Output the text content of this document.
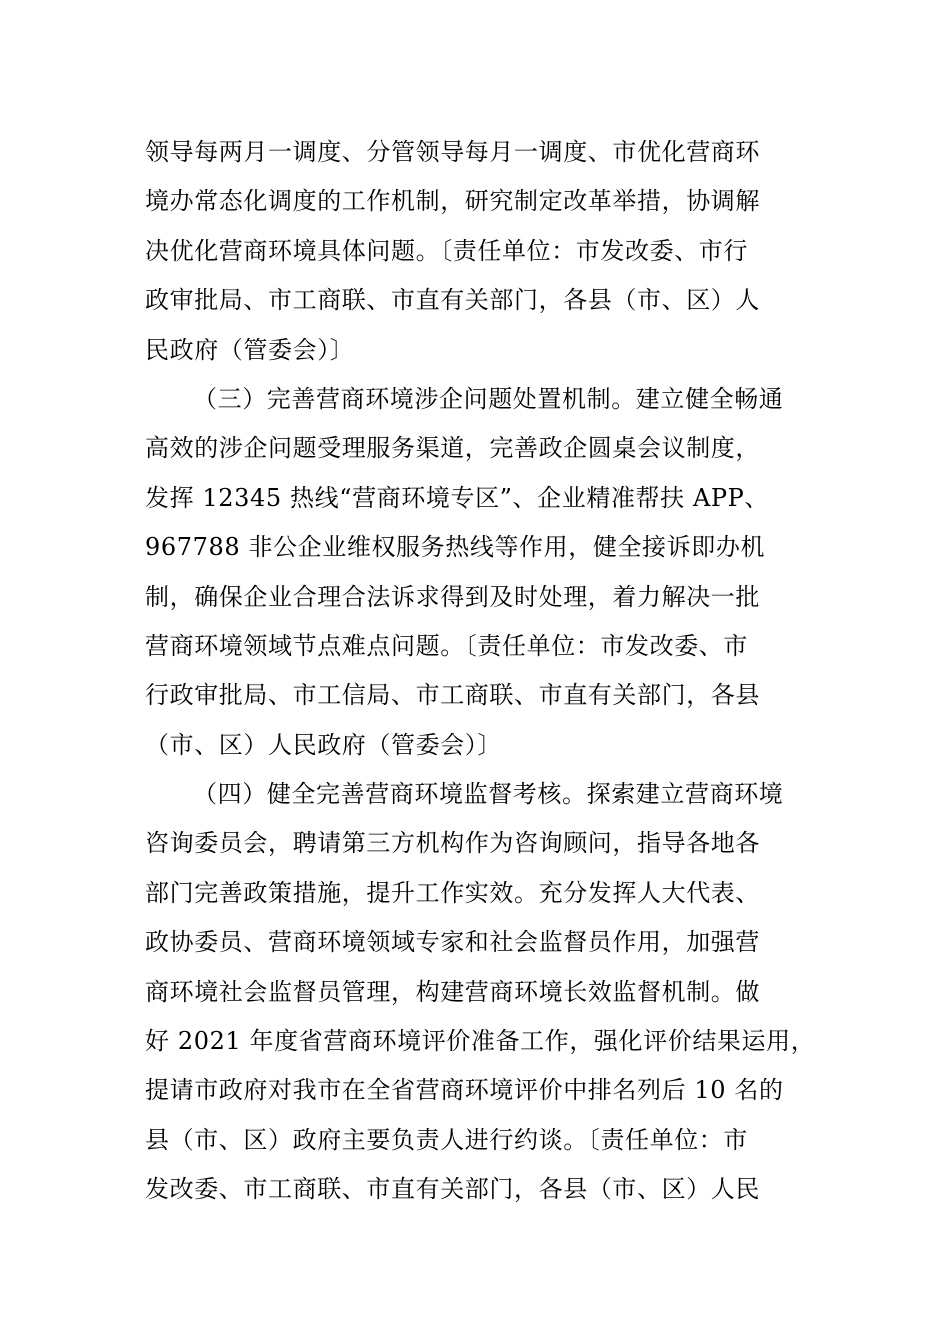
领导每两月一调度、分管领导每月一调度、市优化营商环
境办常态化调度的工作机制，研究制定改革举措，协调解
决优化营商环境具体问题。〔责任单位：市发改委、市行
政审批局、市工商联、市直有关部门，各县（市、区）人
民政府（管委会）〕
（三）完善营商环境涉企问题处置机制。建立健全畅通
高效的涉企问题受理服务渠道，完善政企圆桌会议制度，
发挥 12345 热线“营商环境专区”、企业精准帮扶 APP、
967788 非公企业维权服务热线等作用，健全接诉即办机
制，确保企业合理合法诉求得到及时处理，着力解决一批
营商环境领域节点难点问题。〔责任单位：市发改委、市
行政审批局、市工信局、市工商联、市直有关部门，各县
（市、区）人民政府（管委会）〕
（四）健全完善营商环境监督考核。探索建立营商环境
咨询委员会，聘请第三方机构作为咨询顾问，指导各地各
部门完善政策措施，提升工作实效。充分发挥人大代表、
政协委员、营商环境领域专家和社会监督员作用，加强营
商环境社会监督员管理，构建营商环境长效监督机制。做
好 2021 年度省营商环境评价准备工作，强化评价结果运用，
提请市政府对我市在全省营商环境评价中排名列后 10 名的
县（市、区）政府主要负责人进行约谈。〔责任单位：市
发改委、市工商联、市直有关部门，各县（市、区）人民
